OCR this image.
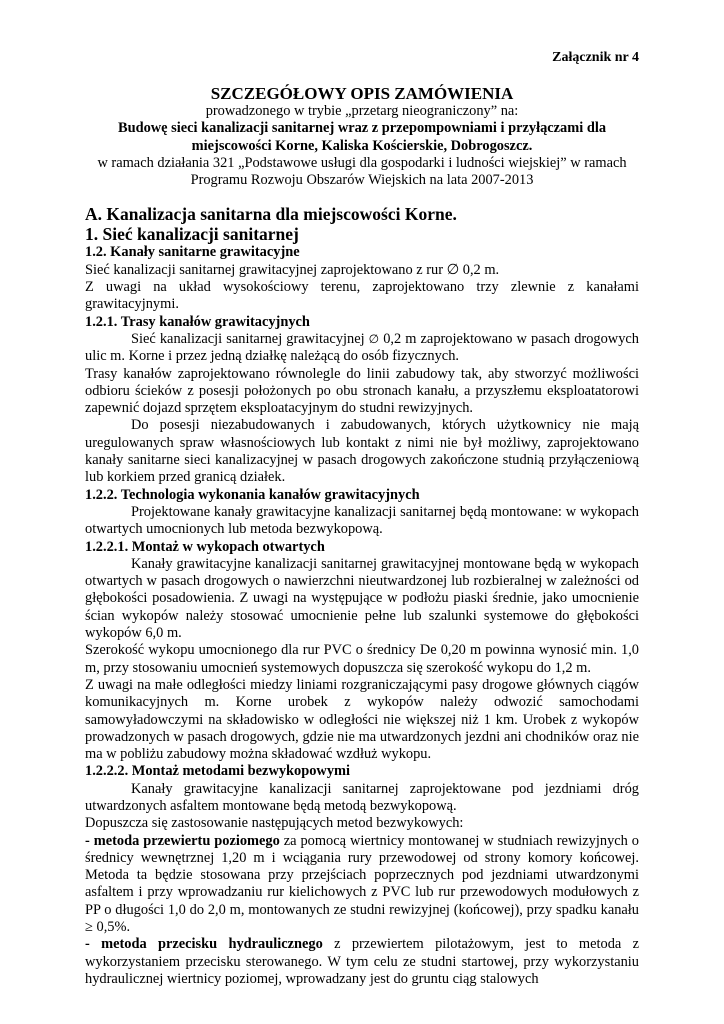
Załącznik nr 4
SZCZEGÓŁOWY OPIS ZAMÓWIENIA
prowadzonego w trybie „przetarg nieograniczony” na:
Budowę sieci kanalizacji sanitarnej wraz z przepompowniami i przyłączami dla
miejscowości Korne, Kaliska Kościerskie, Dobrogoszcz.
w ramach działania 321 „Podstawowe usługi dla gospodarki i ludności wiejskiej” w ramach
Programu Rozwoju Obszarów Wiejskich na lata 2007-2013
A. Kanalizacja sanitarna dla miejscowości Korne.
1. Sieć kanalizacji sanitarnej
1.2. Kanały sanitarne grawitacyjne

Sieć kanalizacji sanitarnej grawitacyjnej zaprojektowano z rur ∅ 0,2 m.

Z uwagi na układ wysokościowy terenu, zaprojektowano trzy zlewnie z kanałami grawitacyjnymi.

1.2.1. Trasy kanałów grawitacyjnych

Sieć kanalizacji sanitarnej grawitacyjnej ∅ 0,2 m zaprojektowano w pasach drogowych ulic m. Korne i przez jedną działkę należącą do osób fizycznych.

Trasy kanałów zaprojektowano równolegle do linii zabudowy tak, aby stworzyć możliwości odbioru ścieków z posesji położonych po obu stronach kanału, a przyszłemu eksploatatorowi zapewnić dojazd sprzętem eksploatacyjnym do studni rewizyjnych.

Do posesji niezabudowanych i zabudowanych, których użytkownicy nie mają uregulowanych spraw własnościowych lub kontakt z nimi nie był możliwy, zaprojektowano kanały sanitarne sieci kanalizacyjnej w pasach drogowych zakończone studnią przyłączeniową lub korkiem przed granicą działek.

1.2.2. Technologia wykonania kanałów grawitacyjnych

Projektowane kanały grawitacyjne kanalizacji sanitarnej będą montowane: w wykopach otwartych umocnionych lub metoda bezwykopową.

1.2.2.1. Montaż w wykopach otwartych

Kanały grawitacyjne kanalizacji sanitarnej grawitacyjnej montowane będą w wykopach otwartych w pasach drogowych o nawierzchni nieutwardzonej lub rozbieralnej w zależności od głębokości posadowienia. Z uwagi na występujące w podłożu piaski średnie, jako umocnienie ścian wykopów należy stosować umocnienie pełne lub szalunki systemowe do głębokości wykopów 6,0 m.

Szerokość wykopu umocnionego dla rur PVC o średnicy De 0,20 m powinna wynosić min. 1,0 m, przy stosowaniu umocnień systemowych dopuszcza się szerokość wykopu do 1,2 m.

Z uwagi na małe odległości miedzy liniami rozgraniczającymi pasy drogowe głównych ciągów komunikacyjnych m. Korne urobek z wykopów należy odwozić samochodami samowyładowczymi na składowisko w odległości nie większej niż 1 km. Urobek z wykopów prowadzonych w pasach drogowych, gdzie nie ma utwardzonych jezdni ani chodników oraz nie ma w pobliżu zabudowy można składować wzdłuż wykopu.

1.2.2.2. Montaż metodami bezwykopowymi

Kanały grawitacyjne kanalizacji sanitarnej zaprojektowane pod jezdniami dróg utwardzonych asfaltem montowane będą metodą bezwykopową.

Dopuszcza się zastosowanie następujących metod bezwykowych:

- metoda przewiertu poziomego za pomocą wiertnicy montowanej w studniach rewizyjnych o średnicy wewnętrznej 1,20 m i wciągania rury przewodowej od strony komory końcowej. Metoda ta będzie stosowana przy przejściach poprzecznych pod jezdniami utwardzonymi asfaltem i przy wprowadzaniu rur kielichowych z PVC lub rur przewodowych modułowych z PP o długości 1,0 do 2,0 m, montowanych ze studni rewizyjnej (końcowej), przy spadku kanału ≥ 0,5%.

- metoda przecisku hydraulicznego z przewiertem pilotażowym, jest to metoda z wykorzystaniem przecisku sterowanego. W tym celu ze studni startowej, przy wykorzystaniu hydraulicznej wiertnicy poziomej, wprowadzany jest do gruntu ciąg stalowych
